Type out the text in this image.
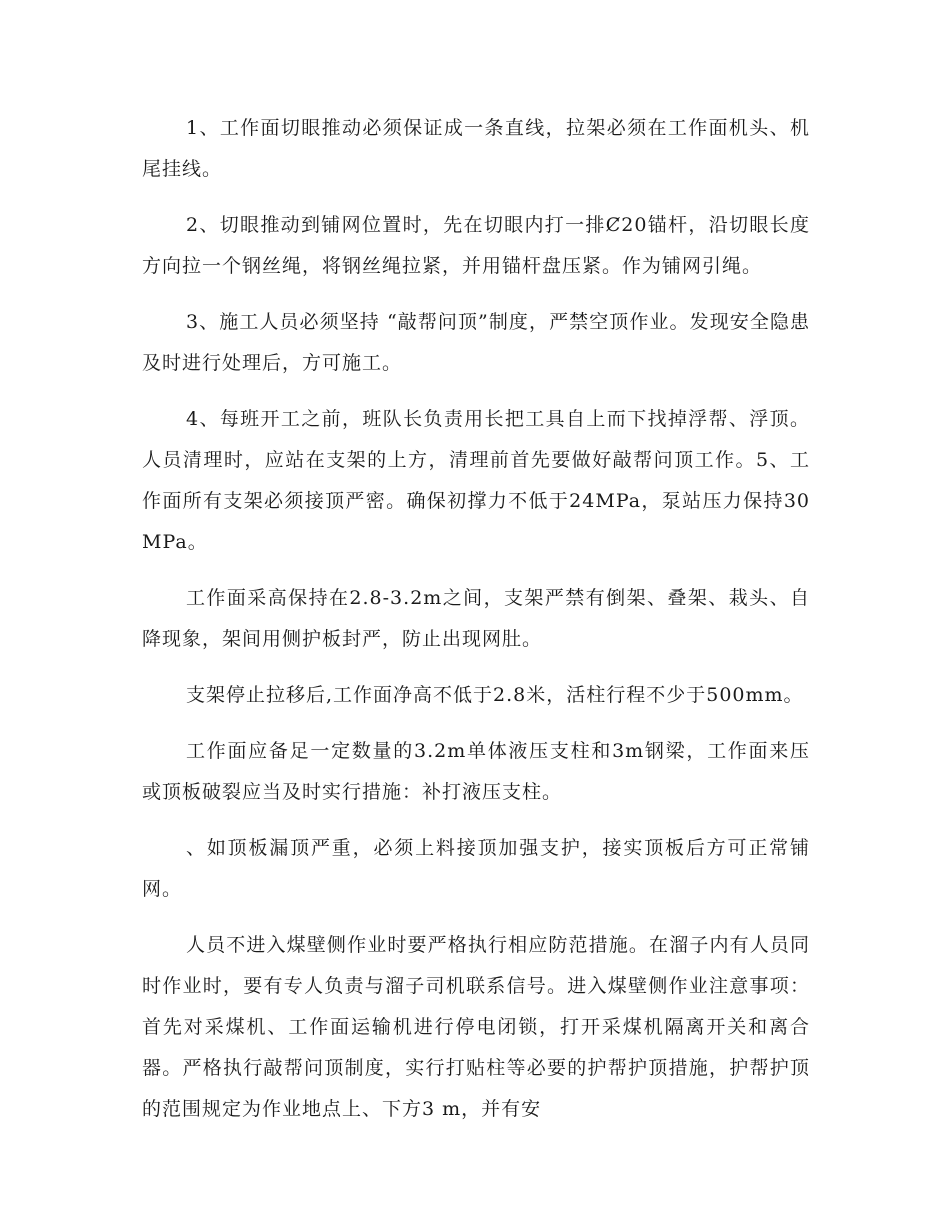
1、工作面切眼推动必须保证成一条直线，拉架必须在工作面机头、机尾挂线。

2、切眼推动到铺网位置时，先在切眼内打一排Ȼ20锚杆，沿切眼长度方向拉一个钢丝绳，将钢丝绳拉紧，并用锚杆盘压紧。作为铺网引绳。

3、施工人员必须坚持 “敲帮问顶”制度，严禁空顶作业。发现安全隐患及时进行处理后，方可施工。

4、每班开工之前，班队长负责用长把工具自上而下找掉浮帮、浮顶。人员清理时，应站在支架的上方，清理前首先要做好敲帮问顶工作。5、工作面所有支架必须接顶严密。确保初撑力不低于24MPa，泵站压力保持30MPa。

工作面采高保持在2.8-3.2m之间，支架严禁有倒架、叠架、栽头、自降现象，架间用侧护板封严，防止出现网肚。

支架停止拉移后,工作面净高不低于2.8米，活柱行程不少于500mm。

工作面应备足一定数量的3.2m单体液压支柱和3m钢梁，工作面来压或顶板破裂应当及时实行措施：补打液压支柱。

、如顶板漏顶严重，必须上料接顶加强支护，接实顶板后方可正常铺网。

人员不进入煤壁侧作业时要严格执行相应防范措施。在溜子内有人员同时作业时，要有专人负责与溜子司机联系信号。进入煤壁侧作业注意事项： 首先对采煤机、工作面运输机进行停电闭锁，打开采煤机隔离开关和离合器。严格执行敲帮问顶制度，实行打贴柱等必要的护帮护顶措施，护帮护顶的范围规定为作业地点上、下方3 m，并有安
